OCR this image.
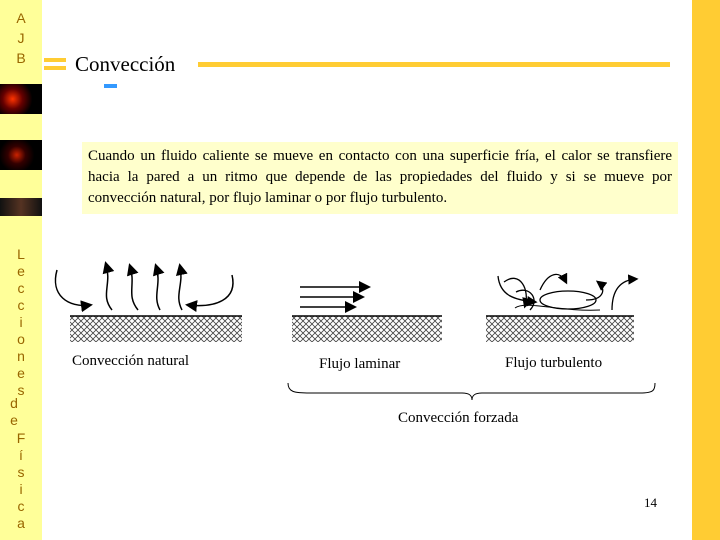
A
J
B
L
e
c
c
i
o
n
e
s
d
e
F
í
s
i
c
a
Convección
Cuando un fluido caliente se mueve en contacto con una superficie fría, el calor se transfiere hacia la pared a un ritmo que depende de las propiedades del fluido y si se mueve por convección natural, por flujo laminar o por flujo turbulento.
Convección natural	Flujo laminar	Flujo turbulento
Convección forzada
14
